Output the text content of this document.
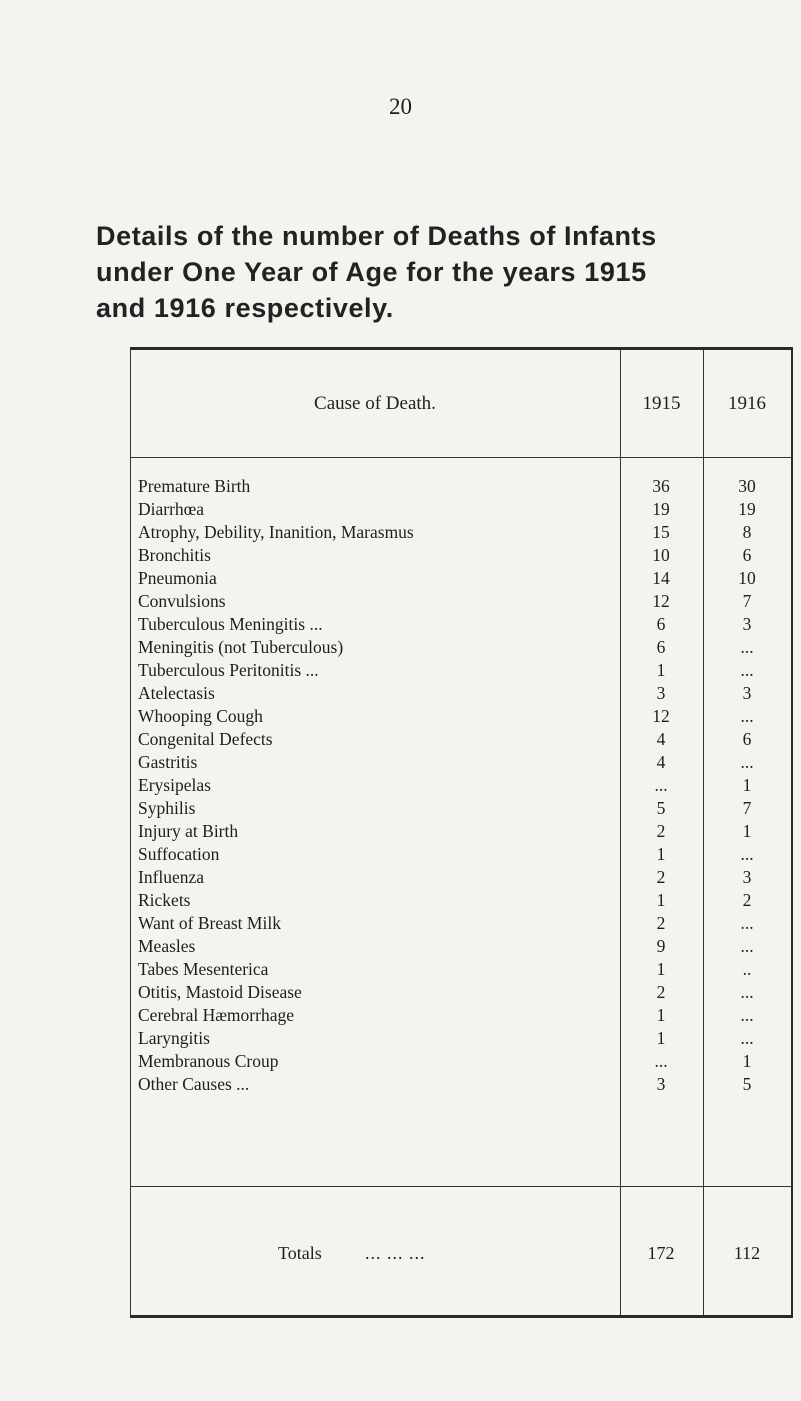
20
Details of the number of Deaths of Infants
under One Year of Age for the years 1915
and 1916 respectively.
Cause of Death.	1915	1916
Premature Birth	36	30
Diarrhœa	19	19
Atrophy, Debility, Inanition, Marasmus	15	8
Bronchitis	10	6
Pneumonia	14	10
Convulsions	12	7
Tuberculous Meningitis ...	6	3
Meningitis (not Tuberculous)	6	...
Tuberculous Peritonitis ...	1	...
Atelectasis	3	3
Whooping Cough	12	...
Congenital Defects	4	6
Gastritis	4	...
Erysipelas	...	1
Syphilis	5	7
Injury at Birth	2	1
Suffocation	1	...
Influenza	2	3
Rickets	1	2
Want of Breast Milk	2	...
Measles	9	...
Tabes Mesenterica	1	..
Otitis, Mastoid Disease	2	...
Cerebral Hæmorrhage	1	...
Laryngitis	1	...
Membranous Croup	...	1
Other Causes ...	3	5
Totals ... ... ...	172	112
